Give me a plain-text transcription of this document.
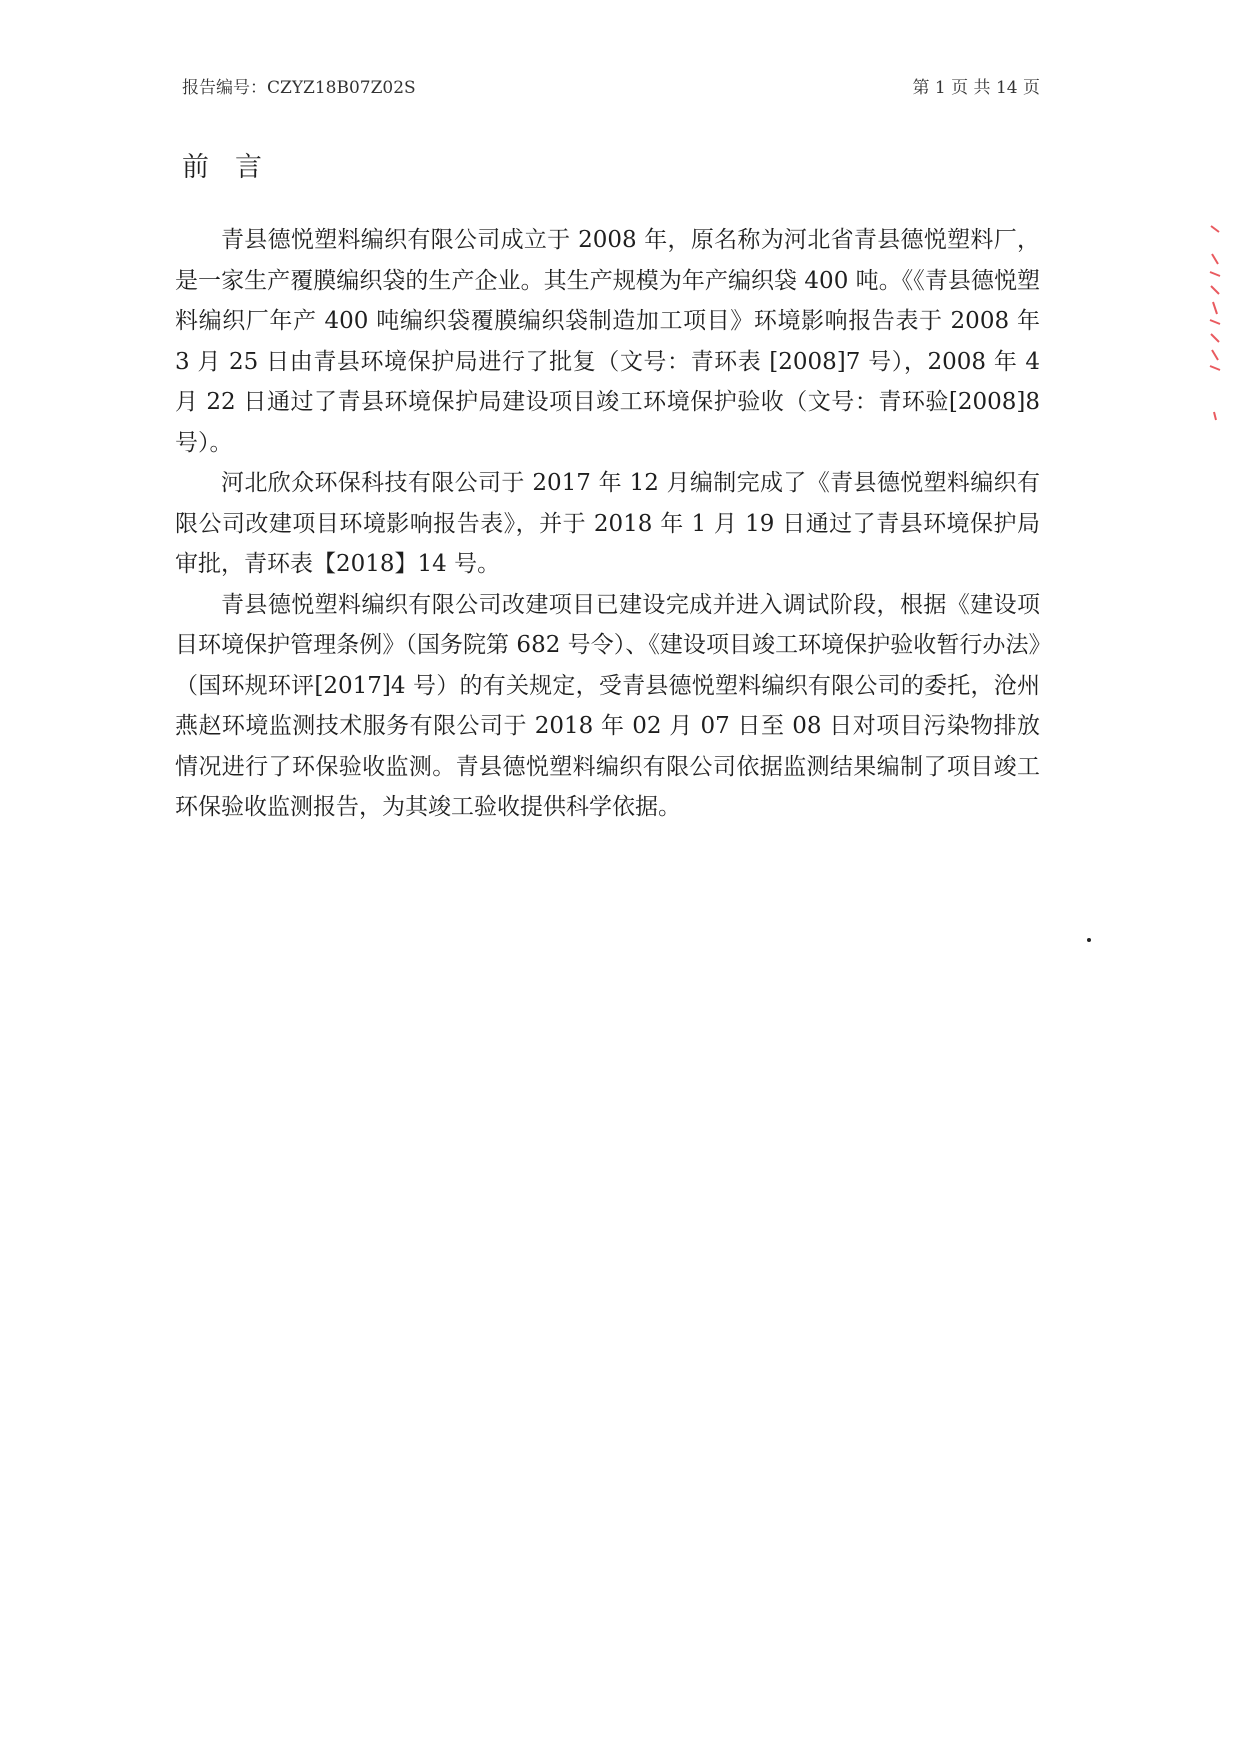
报告编号：CZYZ18B07Z02S	第 1 页 共 14 页
前言

青县德悦塑料编织有限公司成立于 2008 年，原名称为河北省青县德悦塑料厂，是一家生产覆膜编织袋的生产企业。其生产规模为年产编织袋 400 吨。《《青县德悦塑料编织厂年产 400 吨编织袋覆膜编织袋制造加工项目》环境影响报告表于 2008 年 3 月 25 日由青县环境保护局进行了批复（文号：青环表 [2008]7 号），2008 年 4 月 22 日通过了青县环境保护局建设项目竣工环境保护验收（文号：青环验[2008]8 号）。

河北欣众环保科技有限公司于 2017 年 12 月编制完成了《青县德悦塑料编织有限公司改建项目环境影响报告表》，并于 2018 年 1 月 19 日通过了青县环境保护局审批，青环表【2018】14 号。

青县德悦塑料编织有限公司改建项目已建设完成并进入调试阶段，根据《建设项目环境保护管理条例》（国务院第 682 号令）、《建设项目竣工环境保护验收暂行办法》（国环规环评[2017]4 号）的有关规定，受青县德悦塑料编织有限公司的委托，沧州燕赵环境监测技术服务有限公司于 2018 年 02 月 07 日至 08 日对项目污染物排放情况进行了环保验收监测。青县德悦塑料编织有限公司依据监测结果编制了项目竣工环保验收监测报告，为其竣工验收提供科学依据。
